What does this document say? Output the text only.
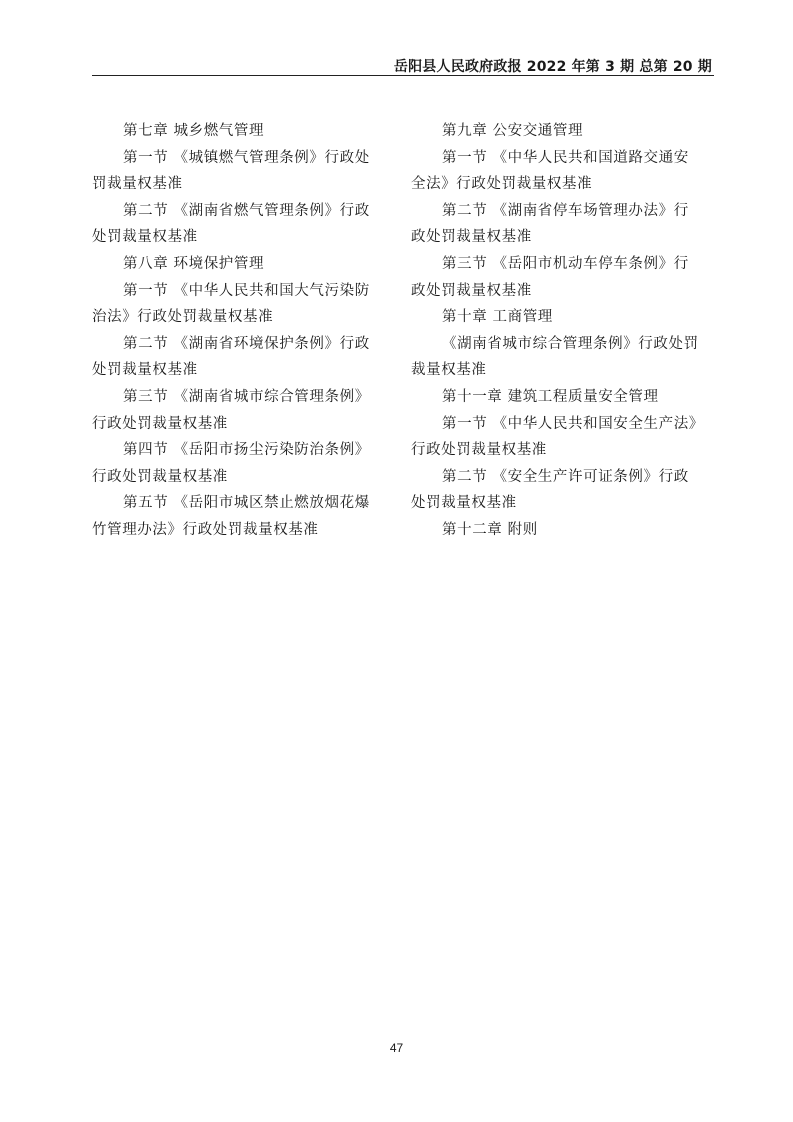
岳阳县人民政府政报 2022 年第 3 期 总第 20 期
第七章 城乡燃气管理
第一节 《城镇燃气管理条例》行政处
罚裁量权基准
第二节 《湖南省燃气管理条例》行政
处罚裁量权基准
第八章 环境保护管理
第一节 《中华人民共和国大气污染防
治法》行政处罚裁量权基准
第二节 《湖南省环境保护条例》行政
处罚裁量权基准
第三节 《湖南省城市综合管理条例》
行政处罚裁量权基准
第四节 《岳阳市扬尘污染防治条例》
行政处罚裁量权基准
第五节 《岳阳市城区禁止燃放烟花爆
竹管理办法》行政处罚裁量权基准
第九章 公安交通管理
第一节 《中华人民共和国道路交通安
全法》行政处罚裁量权基准
第二节 《湖南省停车场管理办法》行
政处罚裁量权基准
第三节 《岳阳市机动车停车条例》行
政处罚裁量权基准
第十章 工商管理
《湖南省城市综合管理条例》行政处罚
裁量权基准
第十一章 建筑工程质量安全管理
第一节 《中华人民共和国安全生产法》
行政处罚裁量权基准
第二节 《安全生产许可证条例》行政
处罚裁量权基准
第十二章 附则
47
